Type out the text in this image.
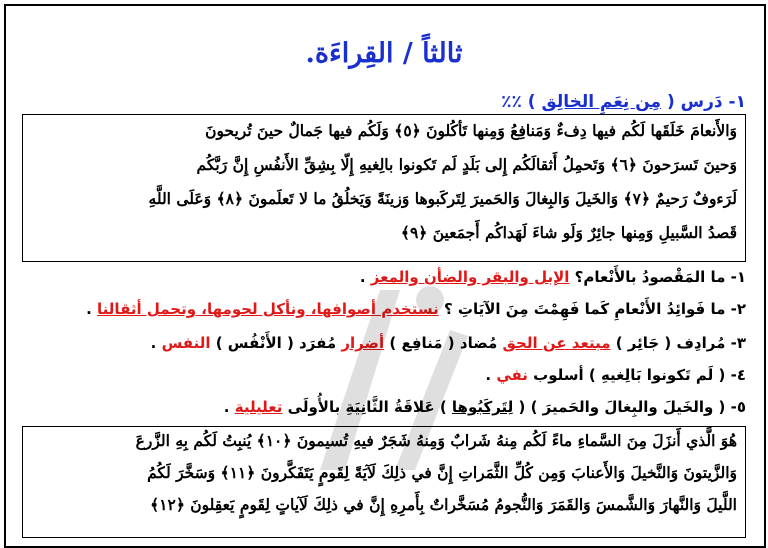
ثالثاً / القِراءَة.
١- دَرس ( مِن نِعَمِ الخالِق ) ٪٪
وَالأَنعامَ خَلَقَها لَكُم فيها دِفءٌ وَمَنافِعُ وَمِنها تَأكُلونَ ﴿٥﴾ وَلَكُم فيها جَمالٌ حينَ تُريحونَ
وَحينَ تَسرَحونَ ﴿٦﴾ وَتَحمِلُ أَثقالَكُم إِلى بَلَدٍ لَم تَكونوا بالِغيهِ إِلّا بِشِقِّ الأَنفُسِ إِنَّ رَبَّكُم
لَرَءوفٌ رَحيمٌ ﴿٧﴾ وَالخَيلَ وَالبِغالَ وَالحَميرَ لِتَركَبوها وَزينَةً وَيَخلُقُ ما لا تَعلَمونَ ﴿٨﴾ وَعَلَى اللَّهِ
قَصدُ السَّبيلِ وَمِنها جائِرٌ وَلَو شاءَ لَهَداكُم أَجمَعينَ ﴿٩﴾
١- ما المَقْصودُ بالأَنْعام؟ الإبل والبقر والضأن والمعز .
٢- ما فَوائِدُ الأَنْعامِ كَما فَهِمْتَ مِنَ الآيَاتِ ؟ نستخدم أصوافها، ونأكل لحومها، وتحمل أثقالنا .
٣- مُرادِف ( جَائِر ) مبتعد عن الحق مُضاد ( مَنافِع ) أضرار مُفرَد ( الأَنْفُس ) النفس .
٤- ( لَم تَكونوا بَالِغيهِ ) أسلوب نفي .
٥- ( والخَيلَ والبِغالَ والحَميرَ ) ( لِتَركَبُوها ) عَلاقَةُ الثَّانِيَةِ بالأُولَى تعليلية .
هُوَ الَّذي أَنزَلَ مِنَ السَّماءِ ماءً لَكُم مِنهُ شَرابٌ وَمِنهُ شَجَرٌ فيهِ تُسيمونَ ﴿١٠﴾ يُنبِتُ لَكُم بِهِ الزَّرعَ
وَالزَّيتونَ وَالنَّخيلَ وَالأَعنابَ وَمِن كُلِّ الثَّمَراتِ إِنَّ في ذلِكَ لَآيَةً لِقَومٍ يَتَفَكَّرونَ ﴿١١﴾ وَسَخَّرَ لَكُمُ
اللَّيلَ وَالنَّهارَ وَالشَّمسَ وَالقَمَرَ وَالنُّجومُ مُسَخَّراتٌ بِأَمرِهِ إِنَّ في ذلِكَ لَآياتٍ لِقَومٍ يَعقِلونَ ﴿١٢﴾
